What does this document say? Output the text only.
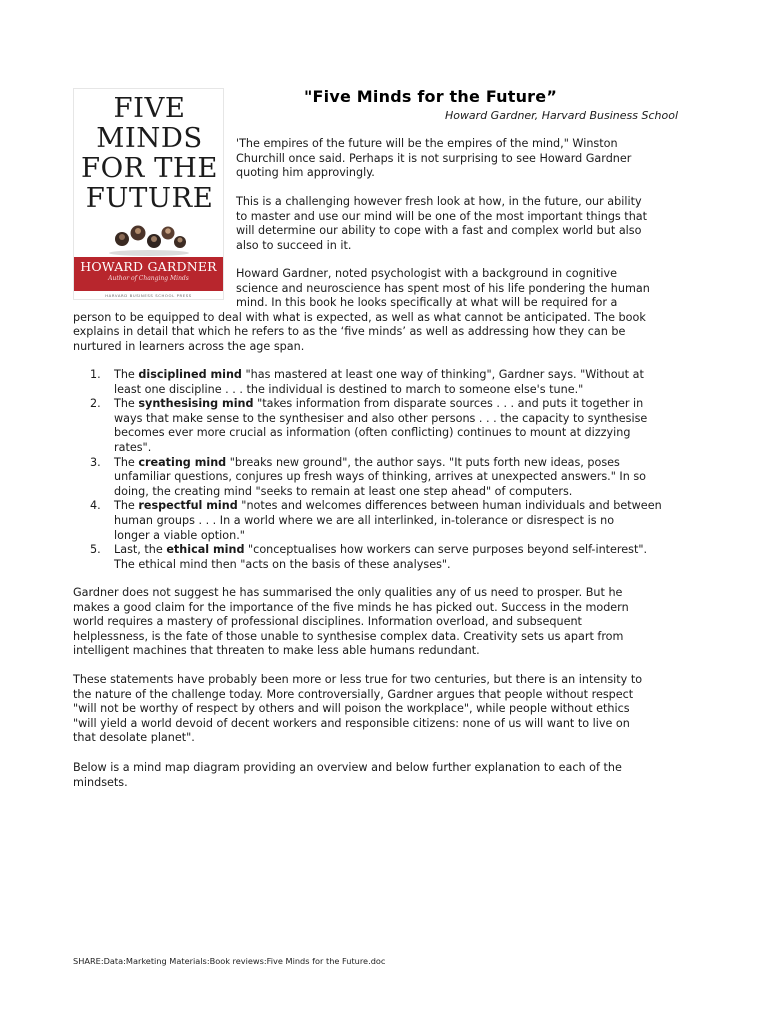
FIVE
MINDS
FOR THE
FUTURE
HOWARD GARDNER
Author of Changing Minds
HARVARD BUSINESS SCHOOL PRESS
"Five Minds for the Future”
Howard Gardner, Harvard Business School
'The empires of the future will be the empires of the mind," Winston
Churchill once said. Perhaps it is not surprising to see Howard Gardner
quoting him approvingly.
This is a challenging however fresh look at how, in the future, our ability
to master and use our mind will be one of the most important things that
will determine our ability to cope with a fast and complex world but also
also to succeed in it.
Howard Gardner, noted psychologist with a background in cognitive
science and neuroscience has spent most of his life pondering the human
mind. In this book he looks specifically at what will be required for a
person to be equipped to deal with what is expected, as well as what cannot be anticipated. The book
explains in detail that which he refers to as the ‘five minds’ as well as addressing how they can be
nurtured in learners across the age span.
1. The disciplined mind "has mastered at least one way of thinking", Gardner says. "Without at
least one discipline . . . the individual is destined to march to someone else's tune."
2. The synthesising mind "takes information from disparate sources . . . and puts it together in
ways that make sense to the synthesiser and also other persons . . . the capacity to synthesise
becomes ever more crucial as information (often conflicting) continues to mount at dizzying
rates".
3. The creating mind "breaks new ground", the author says. "It puts forth new ideas, poses
unfamiliar questions, conjures up fresh ways of thinking, arrives at unexpected answers." In so
doing, the creating mind "seeks to remain at least one step ahead" of computers.
4. The respectful mind "notes and welcomes differences between human individuals and between
human groups . . . In a world where we are all interlinked, in-tolerance or disrespect is no
longer a viable option."
5. Last, the ethical mind "conceptualises how workers can serve purposes beyond self-interest".
The ethical mind then "acts on the basis of these analyses".
Gardner does not suggest he has summarised the only qualities any of us need to prosper. But he
makes a good claim for the importance of the five minds he has picked out. Success in the modern
world requires a mastery of professional disciplines. Information overload, and subsequent
helplessness, is the fate of those unable to synthesise complex data. Creativity sets us apart from
intelligent machines that threaten to make less able humans redundant.
These statements have probably been more or less true for two centuries, but there is an intensity to
the nature of the challenge today. More controversially, Gardner argues that people without respect
"will not be worthy of respect by others and will poison the workplace", while people without ethics
"will yield a world devoid of decent workers and responsible citizens: none of us will want to live on
that desolate planet".
Below is a mind map diagram providing an overview and below further explanation to each of the
mindsets.
SHARE:Data:Marketing Materials:Book reviews:Five Minds for the Future.doc
